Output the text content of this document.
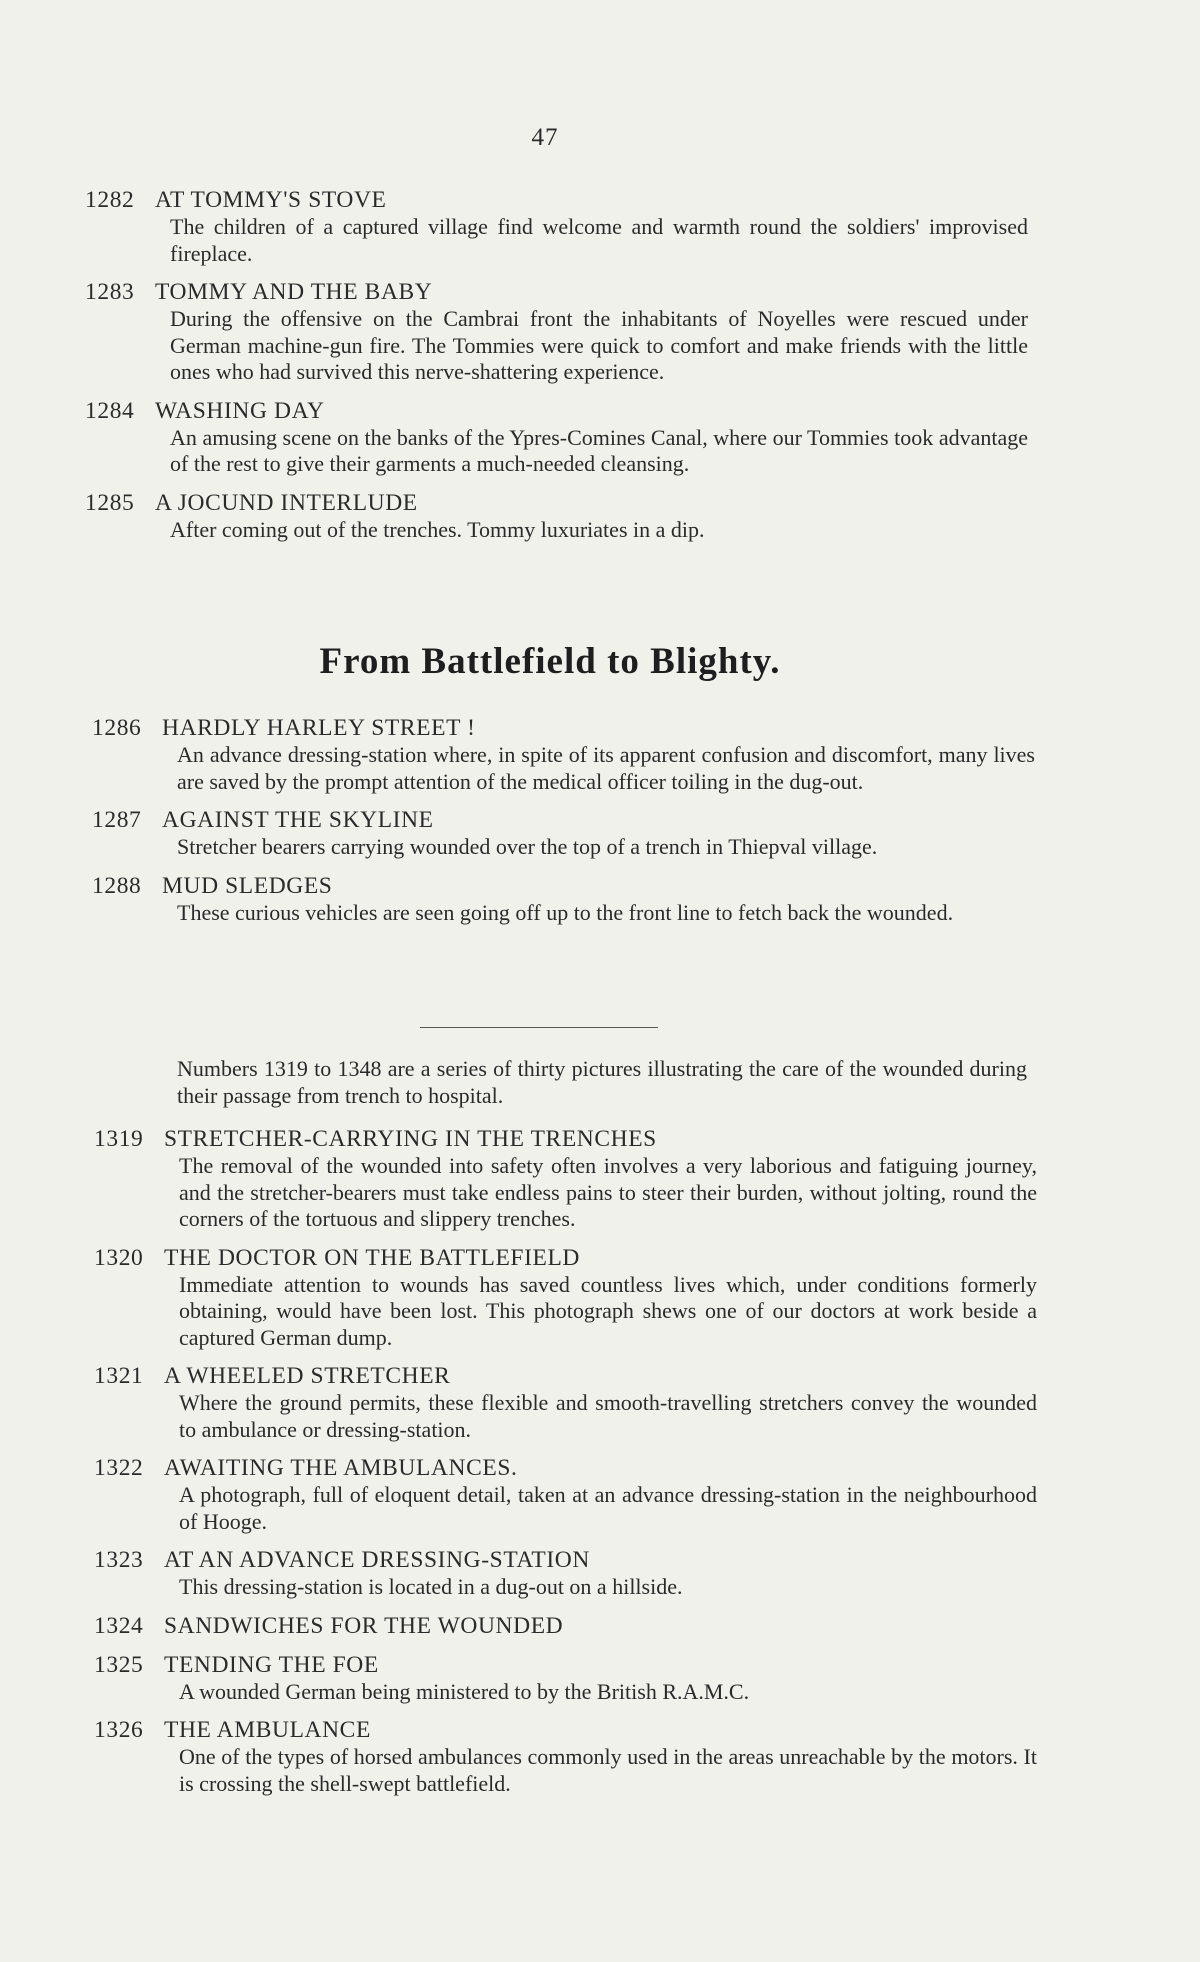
47
1282 AT TOMMY'S STOVE
The children of a captured village find welcome and warmth round the soldiers' improvised fireplace.
1283 TOMMY AND THE BABY
During the offensive on the Cambrai front the inhabitants of Noyelles were rescued under German machine-gun fire. The Tommies were quick to comfort and make friends with the little ones who had survived this nerve-shattering experience.
1284 WASHING DAY
An amusing scene on the banks of the Ypres-Comines Canal, where our Tommies took advantage of the rest to give their garments a much-needed cleansing.
1285 A JOCUND INTERLUDE
After coming out of the trenches. Tommy luxuriates in a dip.
From Battlefield to Blighty.
1286 HARDLY HARLEY STREET !
An advance dressing-station where, in spite of its apparent confusion and discomfort, many lives are saved by the prompt attention of the medical officer toiling in the dug-out.
1287 AGAINST THE SKYLINE
Stretcher bearers carrying wounded over the top of a trench in Thiepval village.
1288 MUD SLEDGES
These curious vehicles are seen going off up to the front line to fetch back the wounded.
Numbers 1319 to 1348 are a series of thirty pictures illustrating the care of the wounded during their passage from trench to hospital.
1319 STRETCHER-CARRYING IN THE TRENCHES
The removal of the wounded into safety often involves a very laborious and fatiguing journey, and the stretcher-bearers must take endless pains to steer their burden, without jolting, round the corners of the tortuous and slippery trenches.
1320 THE DOCTOR ON THE BATTLEFIELD
Immediate attention to wounds has saved countless lives which, under conditions formerly obtaining, would have been lost. This photograph shews one of our doctors at work beside a captured German dump.
1321 A WHEELED STRETCHER
Where the ground permits, these flexible and smooth-travelling stretchers convey the wounded to ambulance or dressing-station.
1322 AWAITING THE AMBULANCES.
A photograph, full of eloquent detail, taken at an advance dressing-station in the neighbourhood of Hooge.
1323 AT AN ADVANCE DRESSING-STATION
This dressing-station is located in a dug-out on a hillside.
1324 SANDWICHES FOR THE WOUNDED
1325 TENDING THE FOE
A wounded German being ministered to by the British R.A.M.C.
1326 THE AMBULANCE
One of the types of horsed ambulances commonly used in the areas unreachable by the motors. It is crossing the shell-swept battlefield.
